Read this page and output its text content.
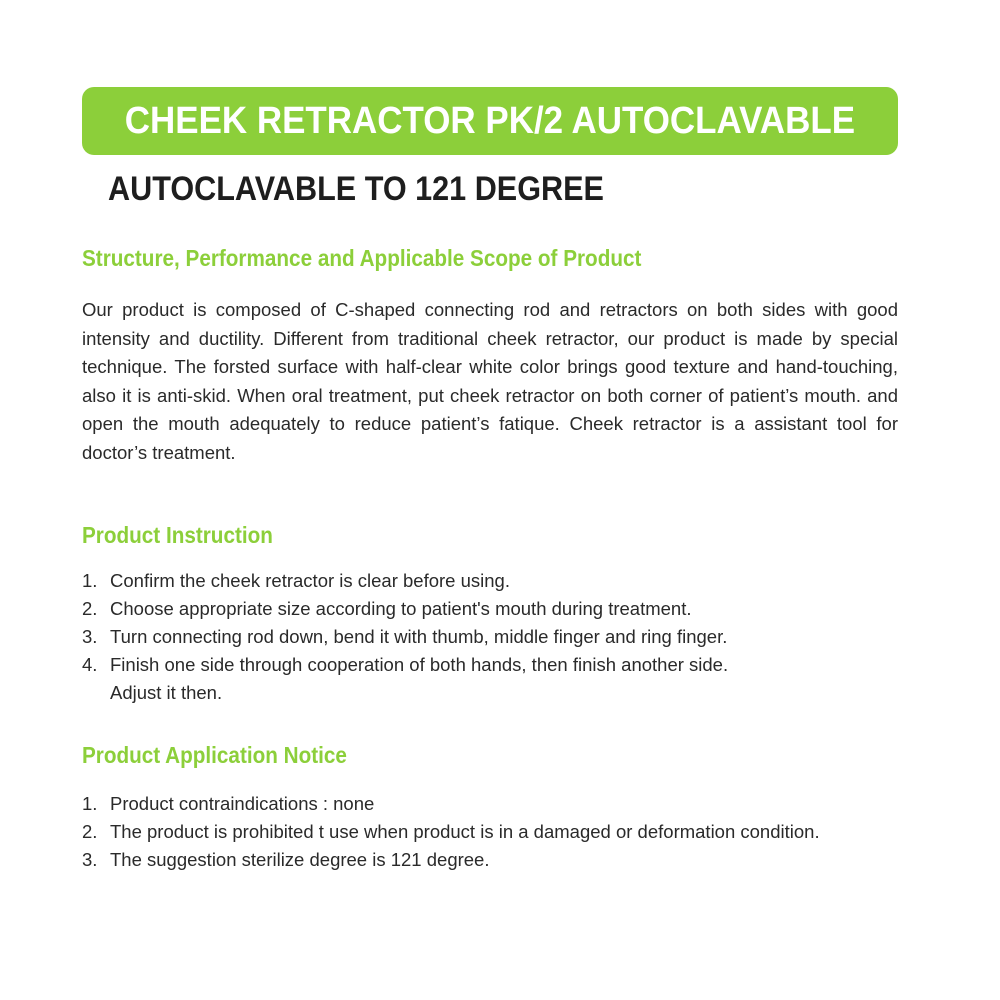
CHEEK RETRACTOR PK/2 AUTOCLAVABLE
AUTOCLAVABLE TO 121 DEGREE
Structure, Performance and Applicable Scope of Product

Our product is composed of C-shaped connecting rod and retractors on both sides with good intensity and ductility. Different from traditional cheek retractor, our product is made by special technique. The forsted surface with half-clear white color brings good texture and hand-touching, also it is anti-skid. When oral treatment, put cheek retractor on both corner of patient’s mouth. and open the mouth adequately to reduce patient’s fatique. Cheek retractor is a assistant tool for doctor’s treatment.

Product Instruction
1. Confirm the cheek retractor is clear before using.
2. Choose appropriate size according to patient's mouth during treatment.
3. Turn connecting rod down, bend it with thumb, middle finger and ring finger.
4. Finish one side through cooperation of both hands, then finish another side.
Adjust it then.
Product Application Notice
1. Product contraindications : none
2. The product is prohibited t use when product is in a damaged or deformation condition.
3. The suggestion sterilize degree is 121 degree.
